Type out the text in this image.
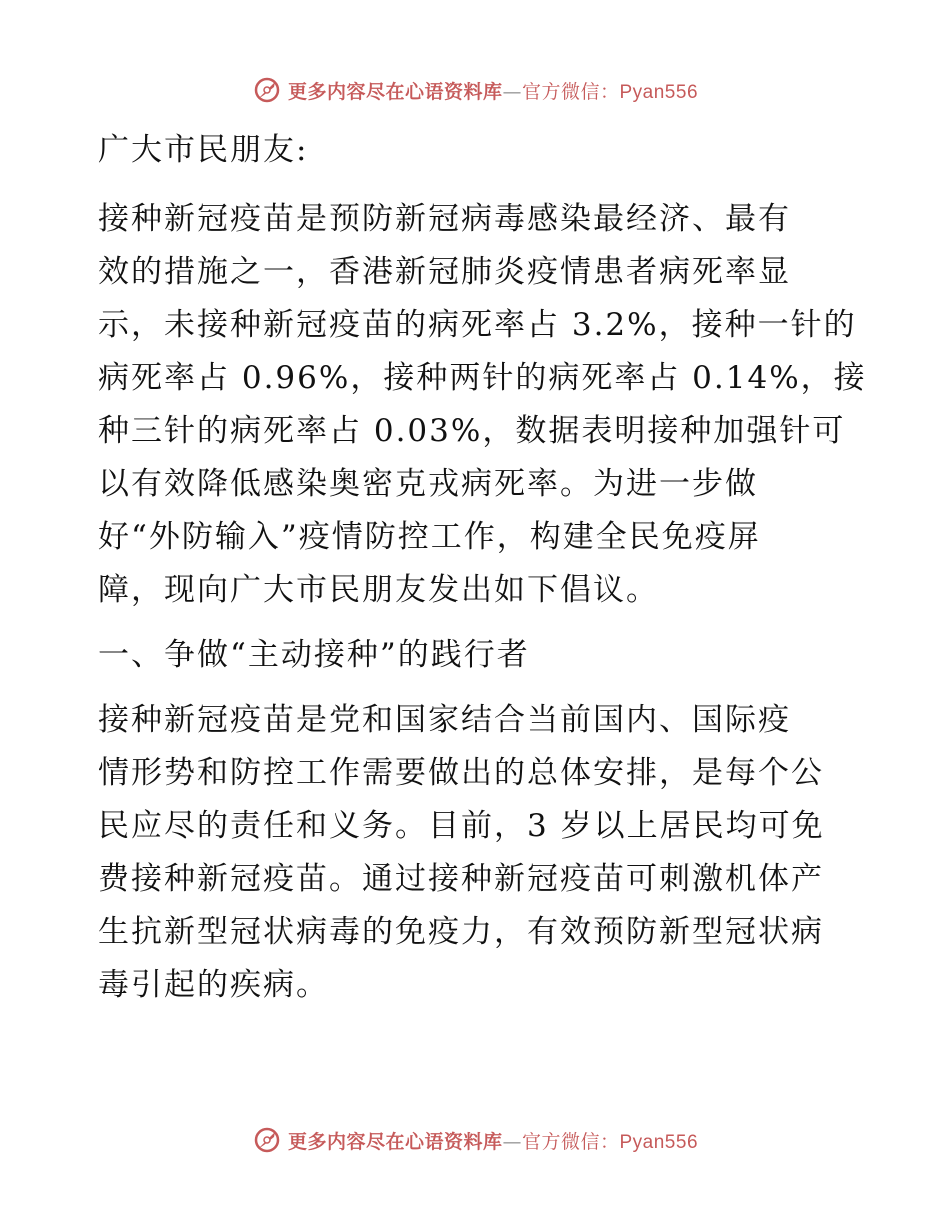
更多内容尽在心语资料库—官方微信：Pyan556
广大市民朋友:
接种新冠疫苗是预防新冠病毒感染最经济、最有
效的措施之一，香港新冠肺炎疫情患者病死率显
示，未接种新冠疫苗的病死率占 3.2%，接种一针的
病死率占 0.96%，接种两针的病死率占 0.14%，接
种三针的病死率占 0.03%，数据表明接种加强针可
以有效降低感染奥密克戎病死率。为进一步做
好“外防输入”疫情防控工作，构建全民免疫屏
障，现向广大市民朋友发出如下倡议。
一、争做“主动接种”的践行者
接种新冠疫苗是党和国家结合当前国内、国际疫
情形势和防控工作需要做出的总体安排，是每个公
民应尽的责任和义务。目前，3 岁以上居民均可免
费接种新冠疫苗。通过接种新冠疫苗可刺激机体产
生抗新型冠状病毒的免疫力，有效预防新型冠状病
毒引起的疾病。
更多内容尽在心语资料库—官方微信：Pyan556
